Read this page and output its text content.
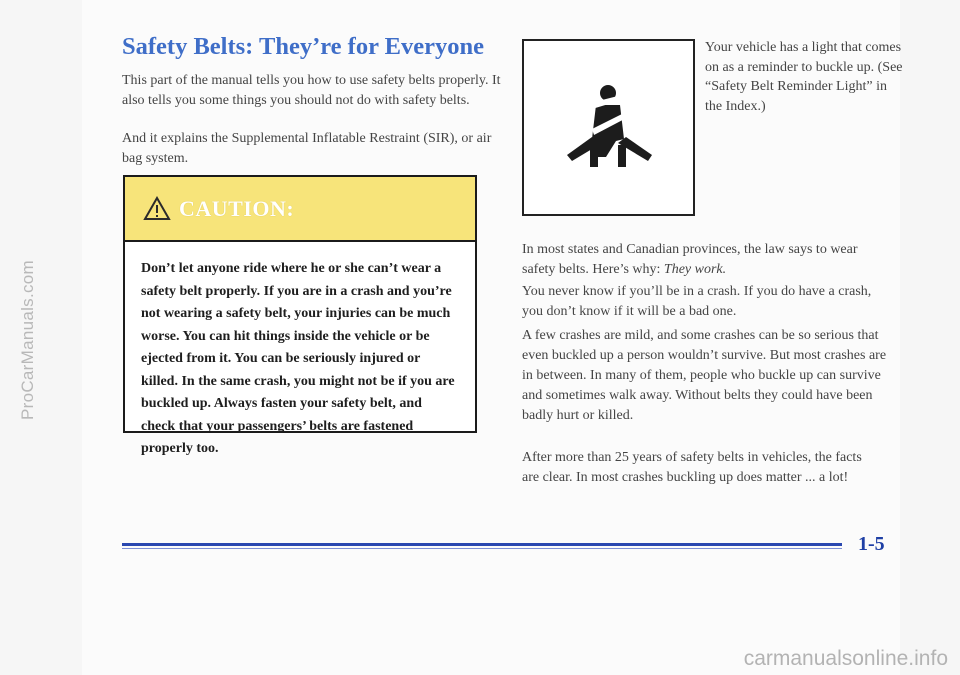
ProCarManuals.com
Safety Belts: They’re for Everyone

This part of the manual tells you how to use safety belts properly. It also tells you some things you should not do with safety belts.

And it explains the Supplemental Inflatable Restraint (SIR), or air bag system.

CAUTION:
Don’t let anyone ride where he or she can’t wear a safety belt properly. If you are in a crash and you’re not wearing a safety belt, your injuries can be much worse. You can hit things inside the vehicle or be ejected from it. You can be seriously injured or killed. In the same crash, you might not be if you are buckled up. Always fasten your safety belt, and check that your passengers’ belts are fastened properly too.

Your vehicle has a light that comes on as a reminder to buckle up. (See “Safety Belt Reminder Light” in the Index.)

In most states and Canadian provinces, the law says to wear safety belts. Here’s why: They work.

You never know if you’ll be in a crash. If you do have a crash, you don’t know if it will be a bad one.

A few crashes are mild, and some crashes can be so serious that even buckled up a person wouldn’t survive. But most crashes are in between. In many of them, people who buckle up can survive and sometimes walk away. Without belts they could have been badly hurt or killed.

After more than 25 years of safety belts in vehicles, the facts are clear. In most crashes buckling up does matter ... a lot!

1-5
carmanualsonline.info
